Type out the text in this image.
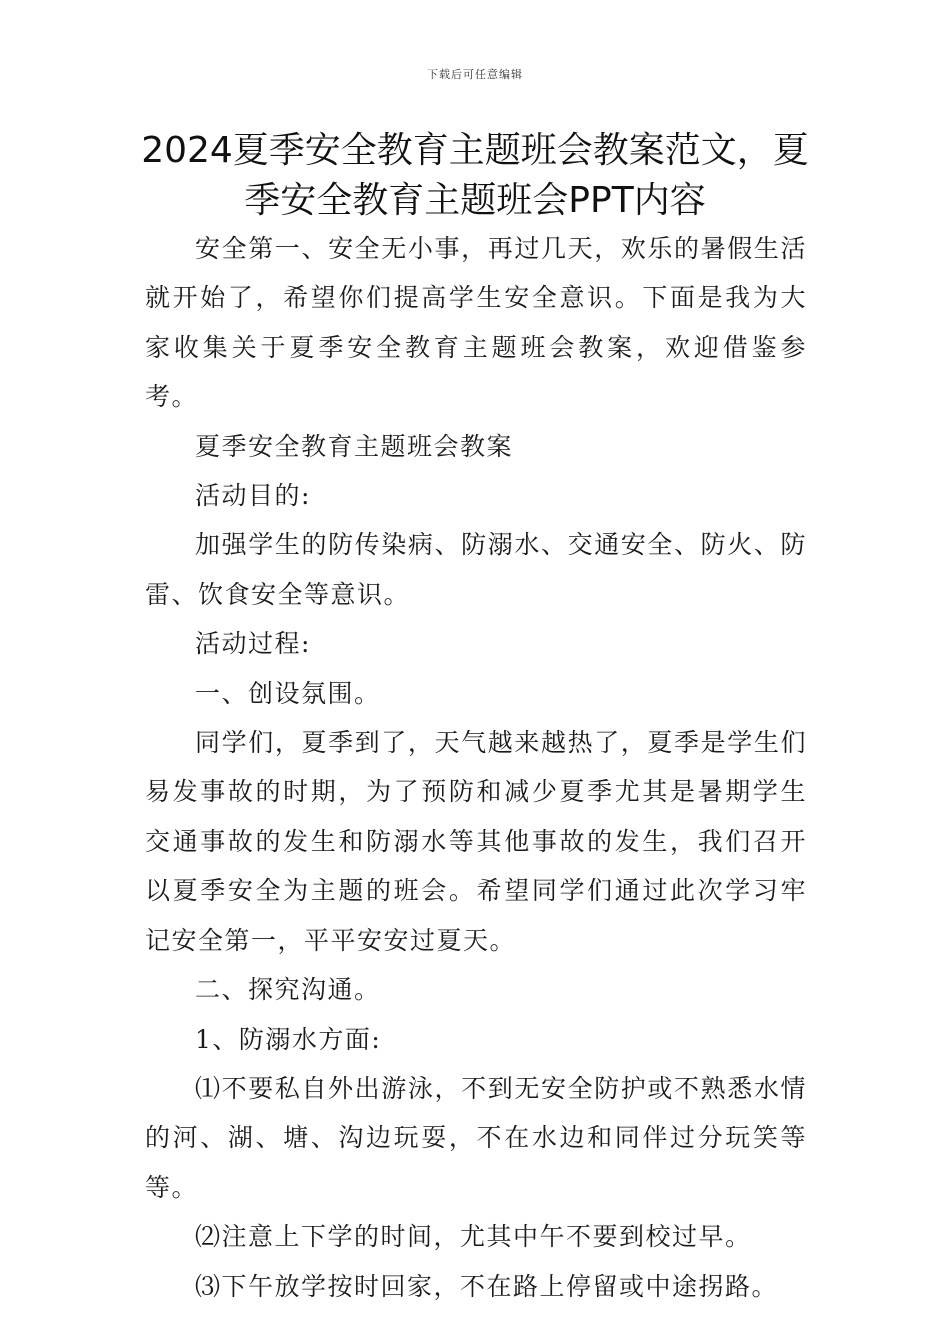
下载后可任意编辑
2024夏季安全教育主题班会教案范文，夏
季安全教育主题班会PPT内容

安全第一、安全无小事，再过几天，欢乐的暑假生活就开始了，希望你们提高学生安全意识。下面是我为大家收集关于夏季安全教育主题班会教案，欢迎借鉴参考。

夏季安全教育主题班会教案

活动目的:

加强学生的防传染病、防溺水、交通安全、防火、防雷、饮食安全等意识。

活动过程:

一、创设氛围。

同学们，夏季到了，天气越来越热了，夏季是学生们易发事故的时期，为了预防和减少夏季尤其是暑期学生交通事故的发生和防溺水等其他事故的发生，我们召开以夏季安全为主题的班会。希望同学们通过此次学习牢记安全第一，平平安安过夏天。

二、探究沟通。

1、防溺水方面:

⑴不要私自外出游泳，不到无安全防护或不熟悉水情的河、湖、塘、沟边玩耍，不在水边和同伴过分玩笑等等。

⑵注意上下学的时间，尤其中午不要到校过早。

⑶下午放学按时回家，不在路上停留或中途拐路。
